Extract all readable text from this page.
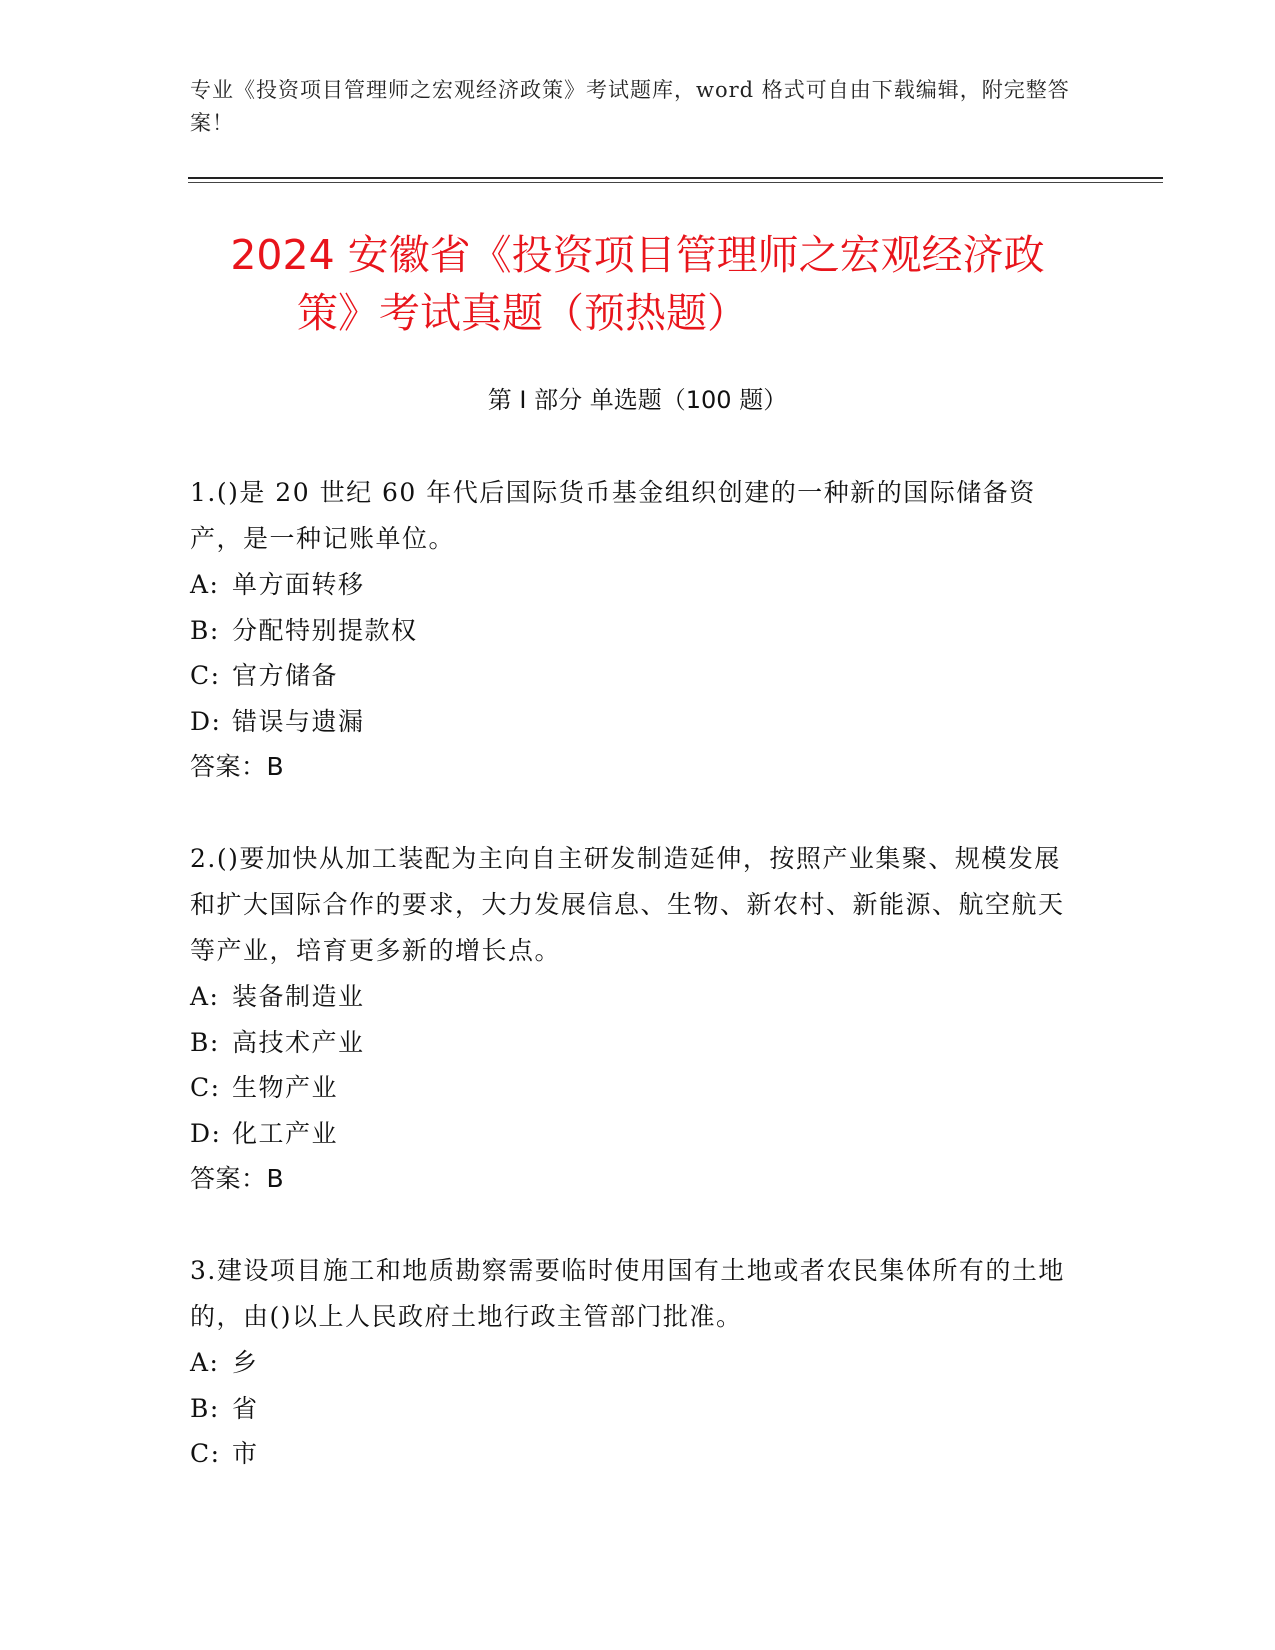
专业《投资项目管理师之宏观经济政策》考试题库，word 格式可自由下载编辑，附完整答案！
2024 安徽省《投资项目管理师之宏观经济政
策》考试真题（预热题）
第 I 部分 单选题（100 题）

1.()是 20 世纪 60 年代后国际货币基金组织创建的一种新的国际储备资产，是一种记账单位。

A: 单方面转移
B: 分配特别提款权
C: 官方储备
D: 错误与遗漏
答案：B

2.()要加快从加工装配为主向自主研发制造延伸，按照产业集聚、规模发展和扩大国际合作的要求，大力发展信息、生物、新农村、新能源、航空航天等产业，培育更多新的增长点。

A: 装备制造业
B: 高技术产业
C: 生物产业
D: 化工产业
答案：B

3.建设项目施工和地质勘察需要临时使用国有土地或者农民集体所有的土地的，由()以上人民政府土地行政主管部门批准。

A: 乡
B: 省
C: 市
